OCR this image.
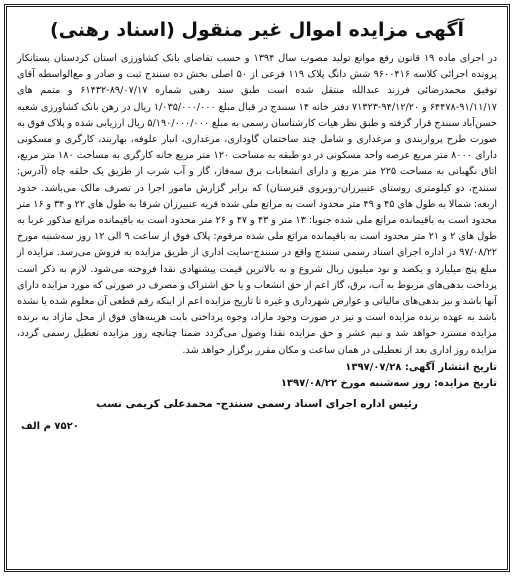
آگهی مزایده اموال غیر منقول (اسناد رهنی)

در اجرای ماده ۱۹ قانون رفع موانع تولید مصوب سال ۱۳۹۴ و حسب تقاضای بانک کشاورزی استان کردستان بستانکار پرونده اجرائی کلاسه ۹۶۰۰۴۱۶ شش دانگ پلاک ۱۱۹ فرعی از ۵۰ اصلی بخش ده سنندج ثبت و صادر و مع‌الواسطه آقای توفیق محمدرضائی فرزند عبدالله منتقل شده است طبق سند رهنی شماره ۸۹/۰۷/۱۷-۶۱۴۳۲ و متمم های ۹۱/۱۱/۱۷-۶۴۴۷۸ و ۹۴/۱۲/۲۰-۷۱۳۲۳ دفتر خانه ۱۴ سنندج در قبال مبلغ ۱/۰۳۵/۰۰۰/۰۰۰ ریال در رهن بانک کشاورزی شعبه حسن‌آباد سنندج قرار گرفته و طبق نظر هیات کارشناسان رسمی به مبلغ ۵/۱۹۰/۰۰۰/۰۰۰ ریال ارزیابی شده و پلاک فوق به صورت طرح پرواربندی و مرغداری و شامل چند ساختمان گاوداری، مرغداری، انبار علوفه، بهاربند، کارگری و مسکونی دارای ۸۰۰۰ متر مربع عرصه واحد مسکونی در دو طبقه به مساحت ۱۲۰ متر مربع خانه کارگری به مساحت ۱۸۰ متر مربع، اتاق نگهبانی به مساحت ۲۲۵ متر مربع و دارای انشعابات برق سه‌فاز، گاز و آب شرب از طریق یک حلقه چاه (آدرس: سنندج، دو کیلومتری روستای عنبیرزان-روبروی قبرستان) که برابر گزارش مامور اجرا در تصرف مالک می‌باشد. حدود اربعه: شمالا به طول های ۴۵ و ۴۹ متر محدود است به مراتع ملی شده قریه عنبیرزان شرقا به طول های ۲۲ و ۳۴ و ۱۶ متر محدود است به باقیمانده مراتع ملی شده جنوبا: ۱۳ متر و ۴۳ و ۴۷ و ۲۶ متر محدود است به باقیمانده مراتع مذکور غربا به طول های ۲ و ۲۱ متر محدود است به باقیمانده مراتع ملی شده مرقوم: پلاک فوق از ساعت ۹ الی ۱۲ روز سه‌شنبه مورخ ۹۷/۰۸/۲۲ در اداره اجرای اسناد رسمی سنندج واقع در سنندج-سایت اداری از طریق مزایده به فروش می‌رسد. مزایده از مبلغ پنج میلیارد و یکصد و نود میلیون ریال شروع و به بالاترین قیمت پیشنهادی نقدا فروخته می‌شود. لازم به ذکر است پرداخت بدهی‌های مربوط به آب، برق، گاز اعم از حق انشعاب و یا حق اشتراک و مصرف در صورتی که مورد مزایده دارای آنها باشد و نیز بدهی‌های مالیاتی و عوارض شهرداری و غیره تا تاریخ مزایده اعم از اینکه رقم قطعی آن معلوم شده یا نشده باشد به عهده برنده مزایده است و نیز در صورت وجود مازاد، وجوه پرداختی بابت هزینه‌های فوق از محل مازاد به برنده مزایده مسترد خواهد شد و نیم عشر و حق مزایده نقدا وصول می‌گردد ضمنا چنانچه روز مزایده تعطیل رسمی گردد، مزایده روز اداری بعد از تعطیلی در همان ساعت و مکان مقرر برگزار خواهد شد.

تاریخ انتشار آگهی: ۱۳۹۷/۰۷/۲۸
تاریخ مزایده: روز سه‌شنبه مورخ ۱۳۹۷/۰۸/۲۲
رئیس اداره اجرای اسناد رسمی سنندج- محمدعلی کریمی نسب
۷۵۲۰ م الف
